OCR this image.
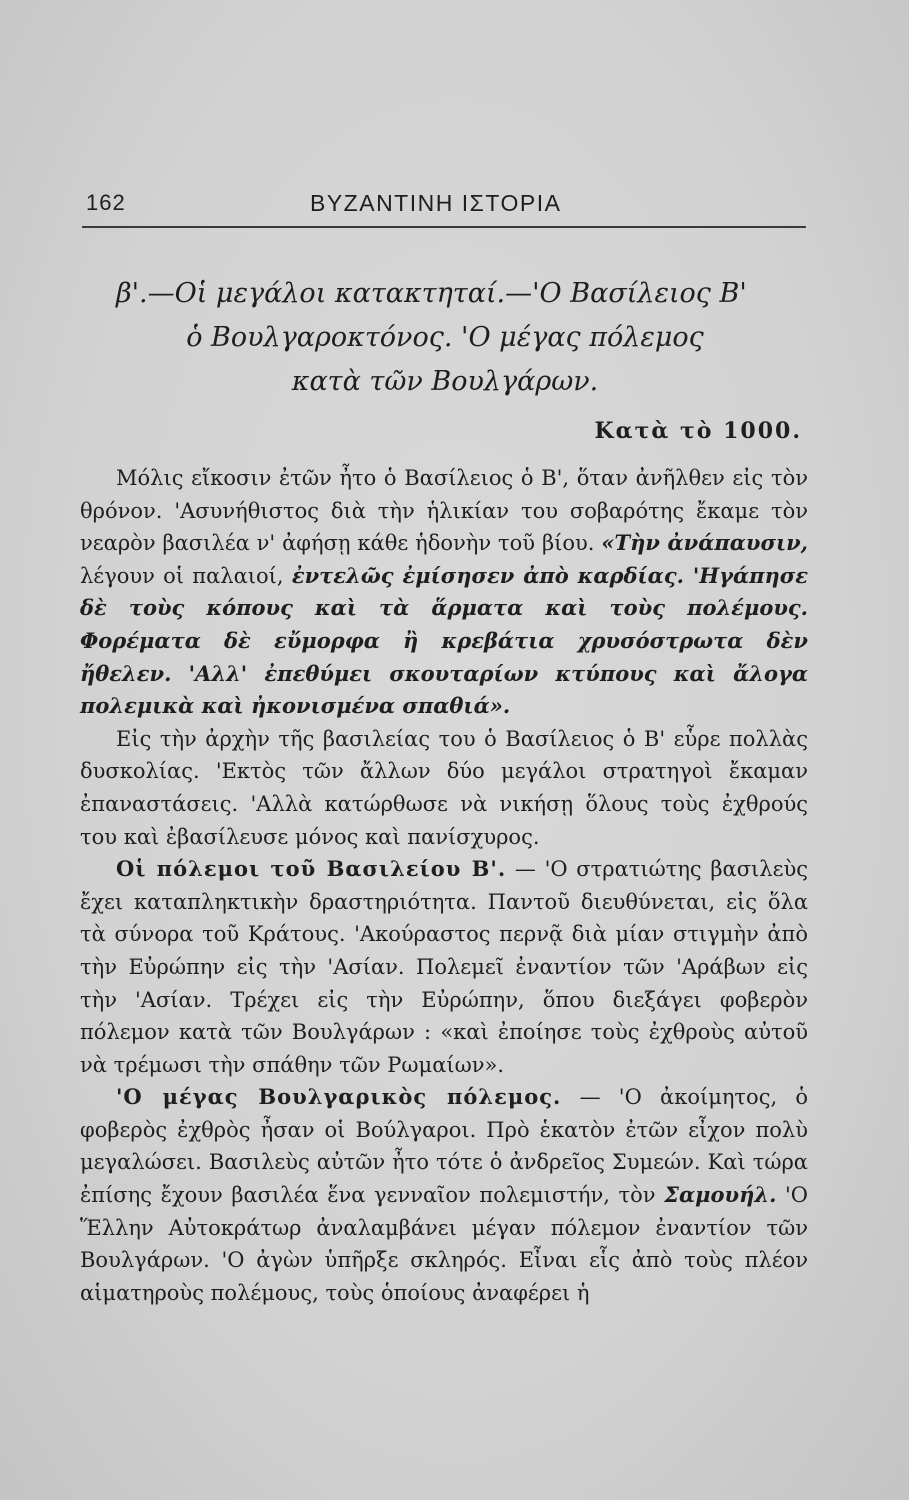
162	ΒΥΖΑΝΤΙΝΗ ΙΣΤΟΡΙΑ
β'.—Οἱ μεγάλοι κατακτηταί.—'Ο Βασίλειος Β'
ὁ Βουλγαροκτόνος. 'Ο μέγας πόλεμος
κατὰ τῶν Βουλγάρων.
Κατὰ τὸ 1000.

Μόλις εἴκοσιν ἐτῶν ἦτο ὁ Βασίλειος ὁ Β', ὅταν ἀνῆλθεν εἰς τὸν θρόνον. 'Ασυνήθιστος διὰ τὴν ἡλικίαν του σοβαρότης ἔκαμε τὸν νεαρὸν βασιλέα ν' ἀφήσῃ κάθε ἡδονὴν τοῦ βίου. «Τὴν ἀνάπαυσιν, λέγουν οἱ παλαιοί, ἐντελῶς ἐμίσησεν ἀπὸ καρδίας. 'Ηγάπησε δὲ τοὺς κόπους καὶ τὰ ἅρματα καὶ τοὺς πολέμους. Φορέματα δὲ εὔμορφα ἢ κρεβάτια χρυσόστρωτα δὲν ἤθελεν. 'Αλλ' ἐπεθύμει σκουταρίων κτύπους καὶ ἄλογα πολεμικὰ καὶ ἠκονισμένα σπαθιά».

Εἰς τὴν ἀρχὴν τῆς βασιλείας του ὁ Βασίλειος ὁ Β' εὗρε πολλὰς δυσκολίας. 'Εκτὸς τῶν ἄλλων δύο μεγάλοι στρατηγοὶ ἔκαμαν ἐπαναστάσεις. 'Αλλὰ κατώρθωσε νὰ νικήσῃ ὅλους τοὺς ἐχθρούς του καὶ ἐβασίλευσε μόνος καὶ πανίσχυρος.

Οἱ πόλεμοι τοῦ Βασιλείου Β'. — 'Ο στρατιώτης βασιλεὺς ἔχει καταπληκτικὴν δραστηριότητα. Παντοῦ διευθύνεται, εἰς ὅλα τὰ σύνορα τοῦ Κράτους. 'Ακούραστος περνᾷ διὰ μίαν στιγμὴν ἀπὸ τὴν Εὐρώπην εἰς τὴν 'Ασίαν. Πολεμεῖ ἐναντίον τῶν 'Αράβων εἰς τὴν 'Ασίαν. Τρέχει εἰς τὴν Εὐρώπην, ὅπου διεξάγει φοβερὸν πόλεμον κατὰ τῶν Βουλγάρων : «καὶ ἐποίησε τοὺς ἐχθροὺς αὐτοῦ νὰ τρέμωσι τὴν σπάθην τῶν Ρωμαίων».

'Ο μέγας Βουλγαρικὸς πόλεμος. — 'Ο ἀκοίμητος, ὁ φοβερὸς ἐχθρὸς ἦσαν οἱ Βούλγαροι. Πρὸ ἑκατὸν ἐτῶν εἶχον πολὺ μεγαλώσει. Βασιλεὺς αὐτῶν ἦτο τότε ὁ ἀνδρεῖος Συμεών. Καὶ τώρα ἐπίσης ἔχουν βασιλέα ἕνα γενναῖον πολεμιστήν, τὸν Σαμουήλ. 'Ο Ἕλλην Αὐτοκράτωρ ἀναλαμβάνει μέγαν πόλεμον ἐναντίον τῶν Βουλγάρων. 'Ο ἀγὼν ὑπῆρξε σκληρός. Εἶναι εἷς ἀπὸ τοὺς πλέον αἱματηροὺς πολέμους, τοὺς ὁποίους ἀναφέρει ἡ
